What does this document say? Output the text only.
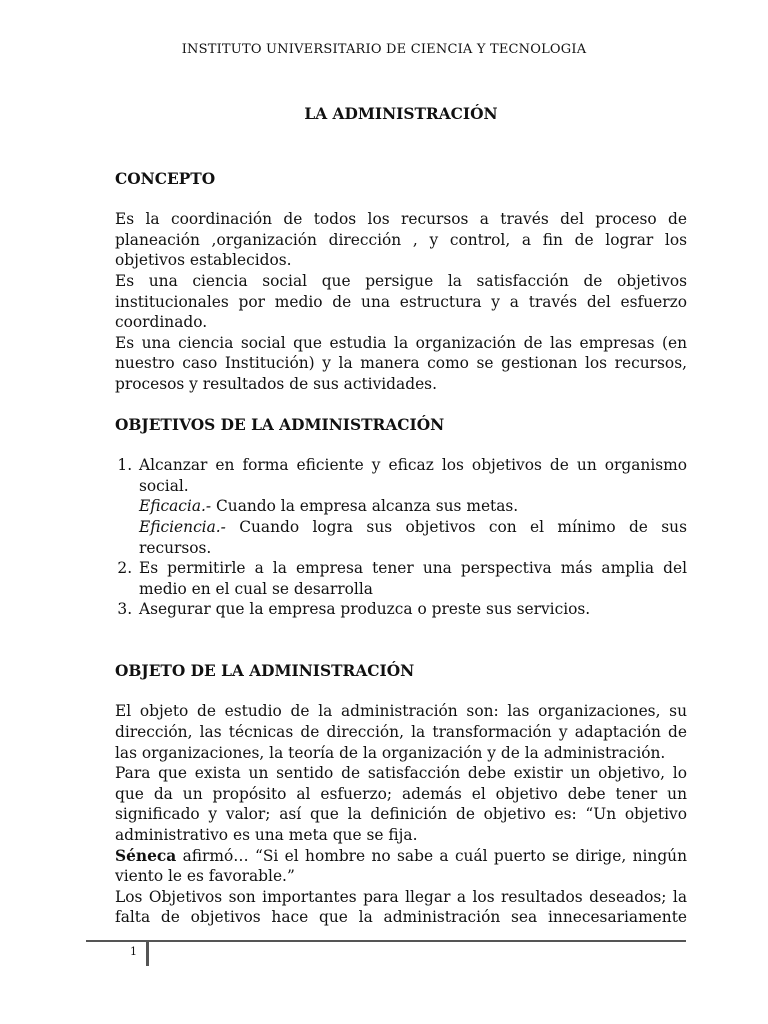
INSTITUTO UNIVERSITARIO DE CIENCIA Y TECNOLOGIA

LA ADMINISTRACIÓN

CONCEPTO

Es la coordinación de todos los recursos a través del proceso de planeación ,organización dirección , y control, a fin de lograr los objetivos establecidos.

Es una ciencia social que persigue la satisfacción de objetivos institucionales por medio de una estructura y a través del esfuerzo coordinado.

Es una ciencia social que estudia la organización de las empresas (en nuestro caso Institución) y la manera como se gestionan los recursos, procesos y resultados de sus actividades.

OBJETIVOS DE LA ADMINISTRACIÓN

1. Alcanzar en forma eficiente y eficaz los objetivos de un organismo social.
Eficacia.- Cuando la empresa alcanza sus metas.
Eficiencia.- Cuando logra sus objetivos con el mínimo de sus recursos.
2. Es permitirle a la empresa tener una perspectiva más amplia del medio en el cual se desarrolla
3. Asegurar que la empresa produzca o preste sus servicios.

OBJETO DE LA ADMINISTRACIÓN

El objeto de estudio de la administración son: las organizaciones, su dirección, las técnicas de dirección, la transformación y adaptación de las organizaciones, la teoría de la organización y de la administración.

Para que exista un sentido de satisfacción debe existir un objetivo, lo que da un propósito al esfuerzo; además el objetivo debe tener un significado y valor; así que la definición de objetivo es: “Un objetivo administrativo es una meta que se fija.

Séneca afirmó… “Si el hombre no sabe a cuál puerto se dirige, ningún viento le es favorable.”

Los Objetivos son importantes para llegar a los resultados deseados; la falta de objetivos hace que la administración sea innecesariamente

1
